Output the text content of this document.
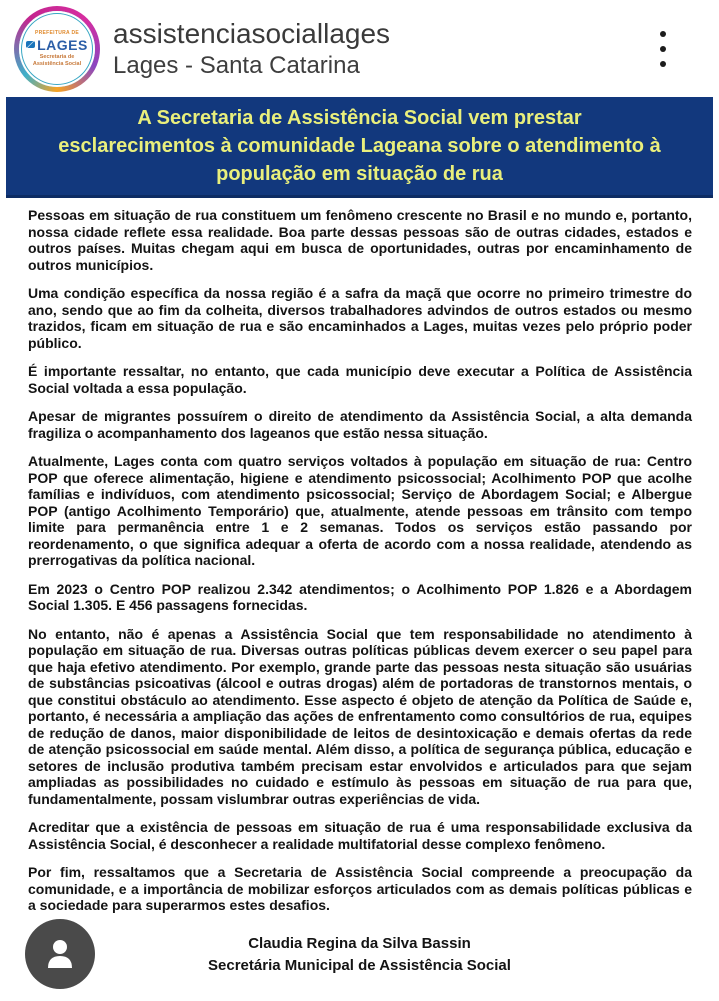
PREFEITURA DE
LAGES
Secretaria de
Assistência Social
assistenciasociallages
Lages - Santa Catarina
A Secretaria de Assistência Social vem prestar
esclarecimentos à comunidade Lageana sobre o atendimento à
população em situação de rua

Pessoas em situação de rua constituem um fenômeno crescente no Brasil e no mundo e, portanto, nossa cidade reflete essa realidade. Boa parte dessas pessoas são de outras cidades, estados e outros países. Muitas chegam aqui em busca de oportunidades, outras por encaminhamento de outros municípios.

Uma condição específica da nossa região é a safra da maçã que ocorre no primeiro trimestre do ano, sendo que ao fim da colheita, diversos trabalhadores advindos de outros estados ou mesmo trazidos, ficam em situação de rua e são encaminhados a Lages, muitas vezes pelo próprio poder público.

É importante ressaltar, no entanto, que cada município deve executar a Política de Assistência Social voltada a essa população.

Apesar de migrantes possuírem o direito de atendimento da Assistência Social, a alta demanda fragiliza o acompanhamento dos lageanos que estão nessa situação.

Atualmente, Lages conta com quatro serviços voltados à população em situação de rua: Centro POP que oferece alimentação, higiene e atendimento psicossocial; Acolhimento POP que acolhe famílias e indivíduos, com atendimento psicossocial; Serviço de Abordagem Social; e Albergue POP (antigo Acolhimento Temporário) que, atualmente, atende pessoas em trânsito com tempo limite para permanência entre 1 e 2 semanas. Todos os serviços estão passando por reordenamento, o que significa adequar a oferta de acordo com a nossa realidade, atendendo as prerrogativas da política nacional.

Em 2023 o Centro POP realizou 2.342 atendimentos; o Acolhimento POP 1.826 e a Abordagem Social 1.305. E 456 passagens fornecidas.

No entanto, não é apenas a Assistência Social que tem responsabilidade no atendimento à população em situação de rua. Diversas outras políticas públicas devem exercer o seu papel para que haja efetivo atendimento. Por exemplo, grande parte das pessoas nesta situação são usuárias de substâncias psicoativas (álcool e outras drogas) além de portadoras de transtornos mentais, o que constitui obstáculo ao atendimento. Esse aspecto é objeto de atenção da Política de Saúde e, portanto, é necessária a ampliação das ações de enfrentamento como consultórios de rua, equipes de redução de danos, maior disponibilidade de leitos de desintoxicação e demais ofertas da rede de atenção psicossocial em saúde mental. Além disso, a política de segurança pública, educação e setores de inclusão produtiva também precisam estar envolvidos e articulados para que sejam ampliadas as possibilidades no cuidado e estímulo às pessoas em situação de rua para que, fundamentalmente, possam vislumbrar outras experiências de vida.

Acreditar que a existência de pessoas em situação de rua é uma responsabilidade exclusiva da Assistência Social, é desconhecer a realidade multifatorial desse complexo fenômeno.

Por fim, ressaltamos que a Secretaria de Assistência Social compreende a preocupação da comunidade, e a importância de mobilizar esforços articulados com as demais políticas públicas e a sociedade para superarmos estes desafios.

Claudia Regina da Silva Bassin
Secretária Municipal de Assistência Social
